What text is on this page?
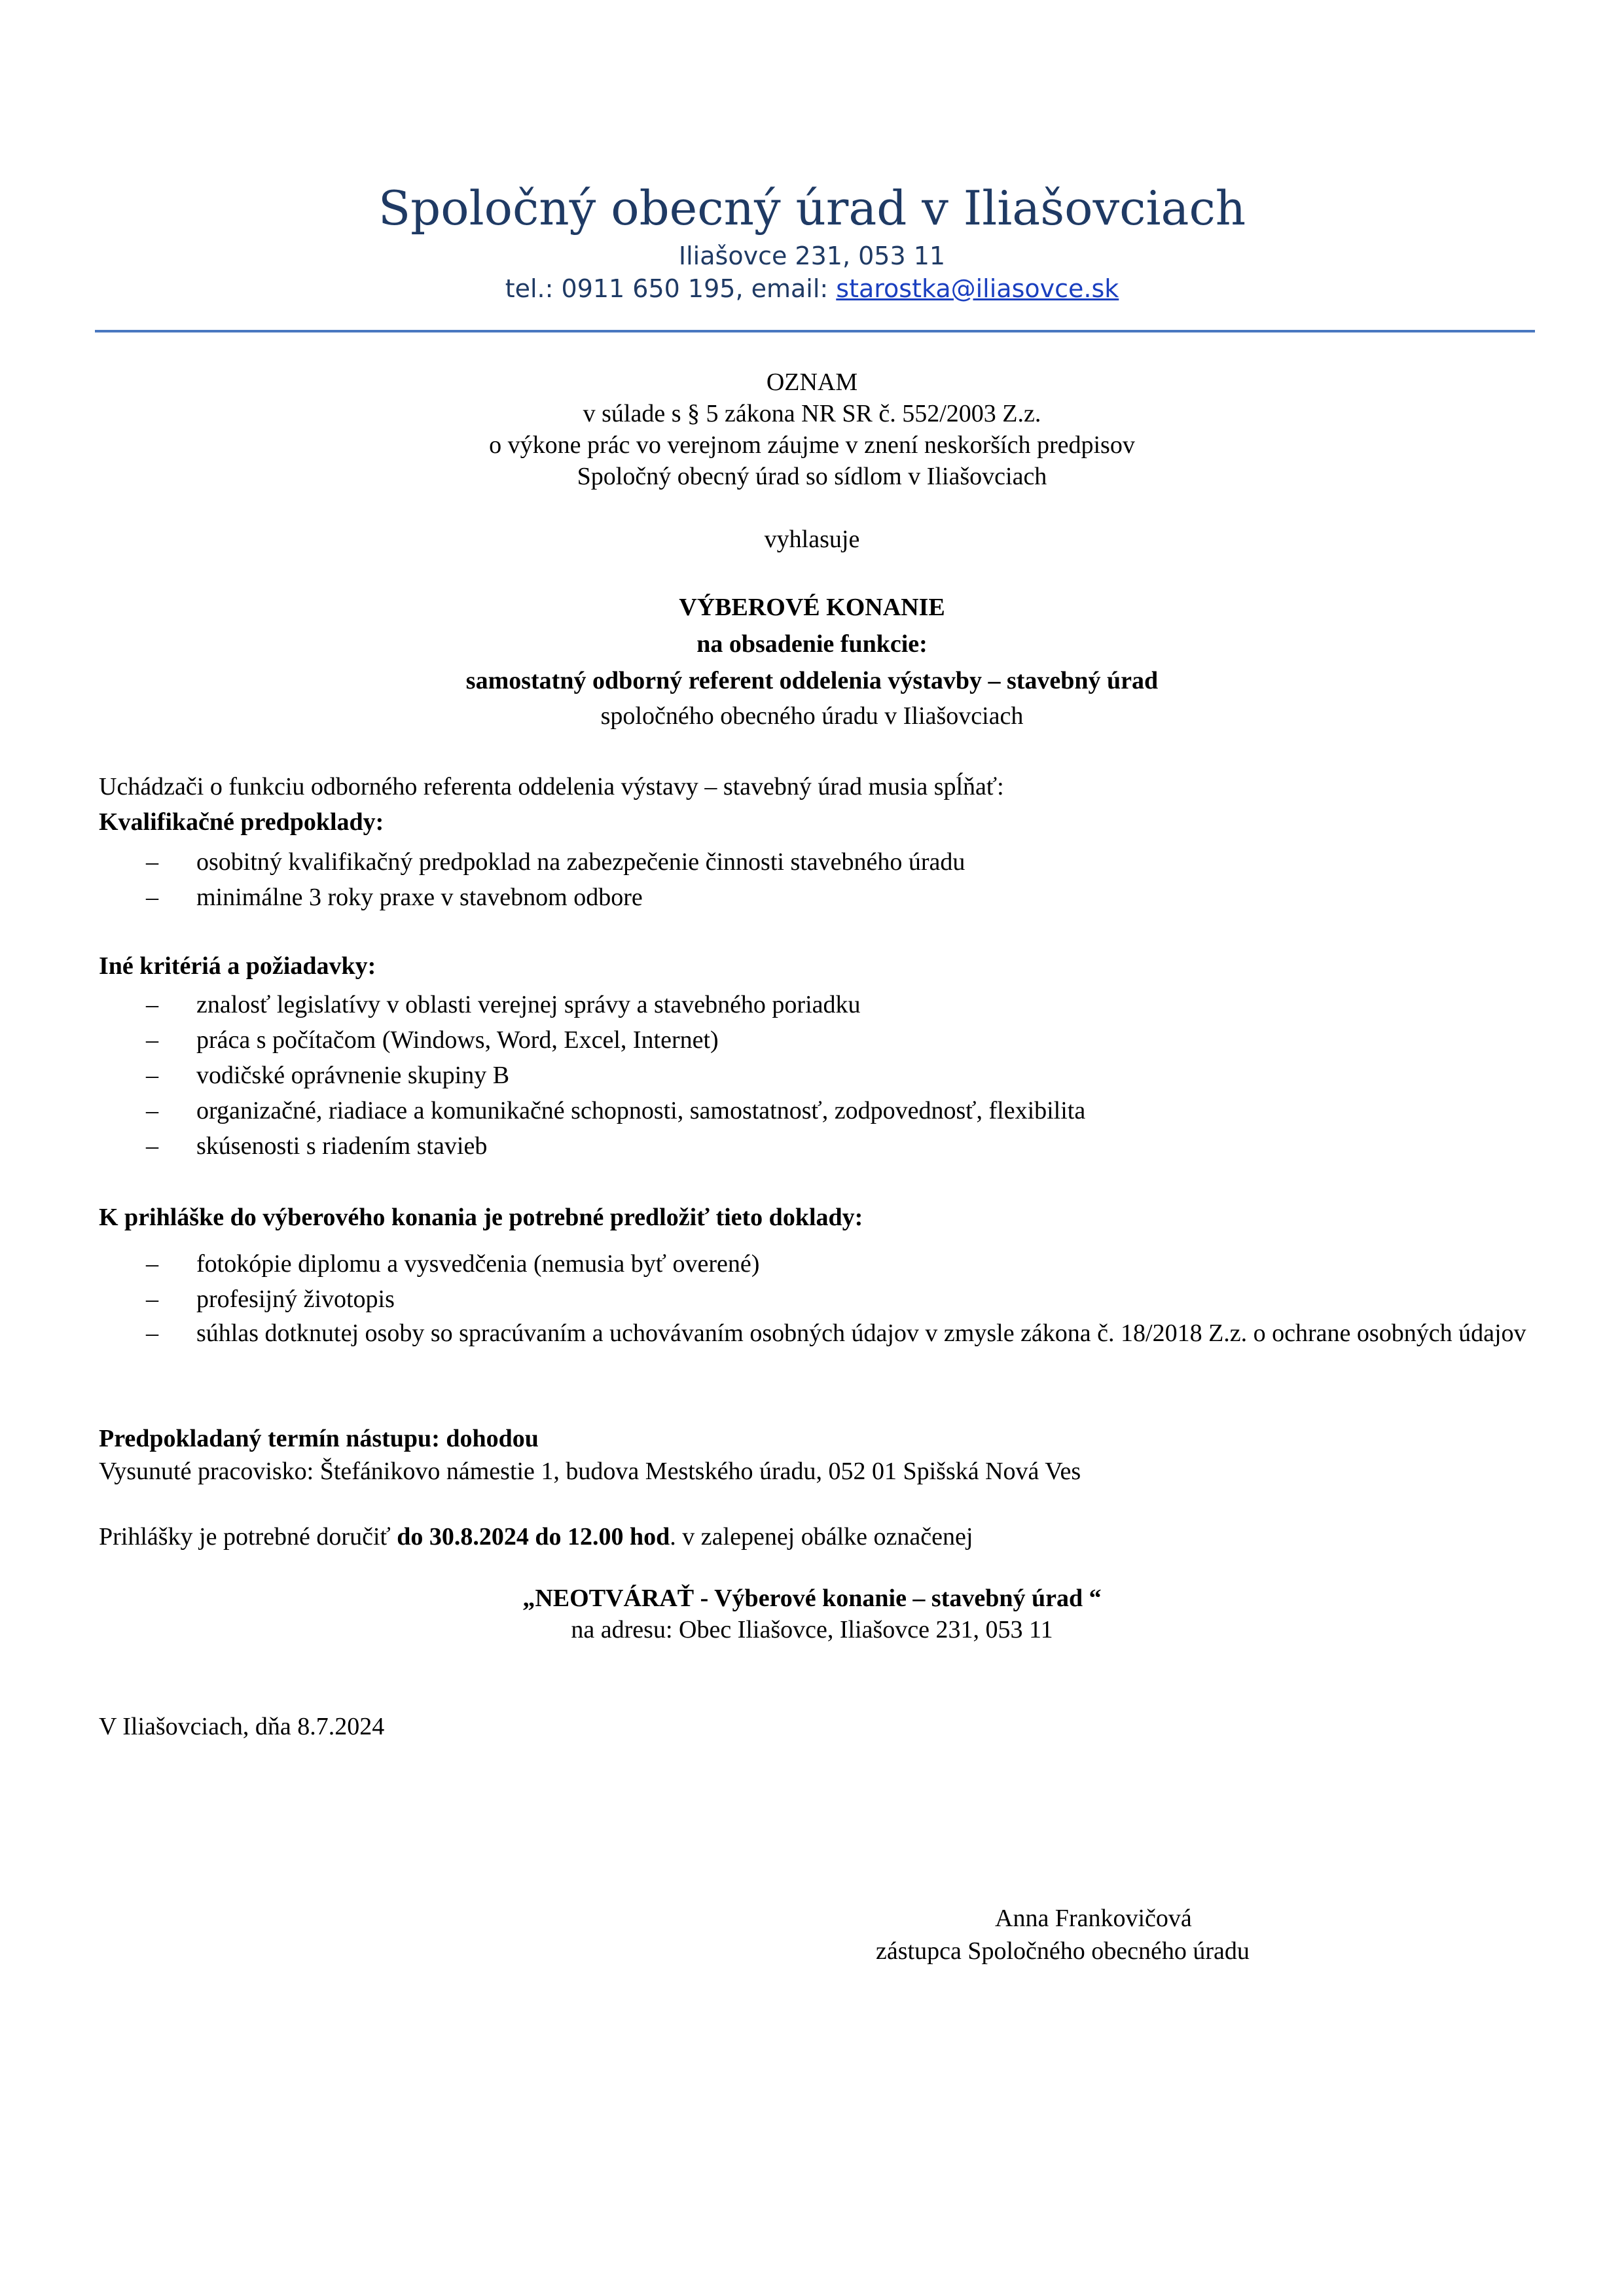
Spoločný obecný úrad v Iliašovciach
Iliašovce 231, 053 11
tel.: 0911 650 195, email: starostka@iliasovce.sk
OZNAM
v súlade s § 5 zákona NR SR č. 552/2003 Z.z.
o výkone prác vo verejnom záujme v znení neskorších predpisov
Spoločný obecný úrad so sídlom v Iliašovciach
vyhlasuje
VÝBEROVÉ KONANIE
na obsadenie funkcie:
samostatný odborný referent oddelenia výstavby – stavebný úrad
spoločného obecného úradu v Iliašovciach
Uchádzači o funkciu odborného referenta oddelenia výstavy – stavebný úrad musia spĺňať:
Kvalifikačné predpoklady:
– osobitný kvalifikačný predpoklad na zabezpečenie činnosti stavebného úradu
– minimálne 3 roky praxe v stavebnom odbore
Iné kritériá a požiadavky:
– znalosť legislatívy v oblasti verejnej správy a stavebného poriadku
– práca s počítačom (Windows, Word, Excel, Internet)
– vodičské oprávnenie skupiny B
– organizačné, riadiace a komunikačné schopnosti, samostatnosť, zodpovednosť, flexibilita
– skúsenosti s riadením stavieb
K prihláške do výberového konania je potrebné predložiť tieto doklady:
– fotokópie diplomu a vysvedčenia (nemusia byť overené)
– profesijný životopis
– súhlas dotknutej osoby so spracúvaním a uchovávaním osobných údajov v zmysle zákona č. 18/2018 Z.z. o ochrane osobných údajov
Predpokladaný termín nástupu: dohodou
Vysunuté pracovisko: Štefánikovo námestie 1, budova Mestského úradu, 052 01 Spišská Nová Ves
Prihlášky je potrebné doručiť do 30.8.2024 do 12.00 hod. v zalepenej obálke označenej
„NEOTVÁRAŤ - Výberové konanie – stavebný úrad “
na adresu: Obec Iliašovce, Iliašovce 231, 053 11
V Iliašovciach, dňa 8.7.2024
Anna Frankovičová
zástupca Spoločného obecného úradu
